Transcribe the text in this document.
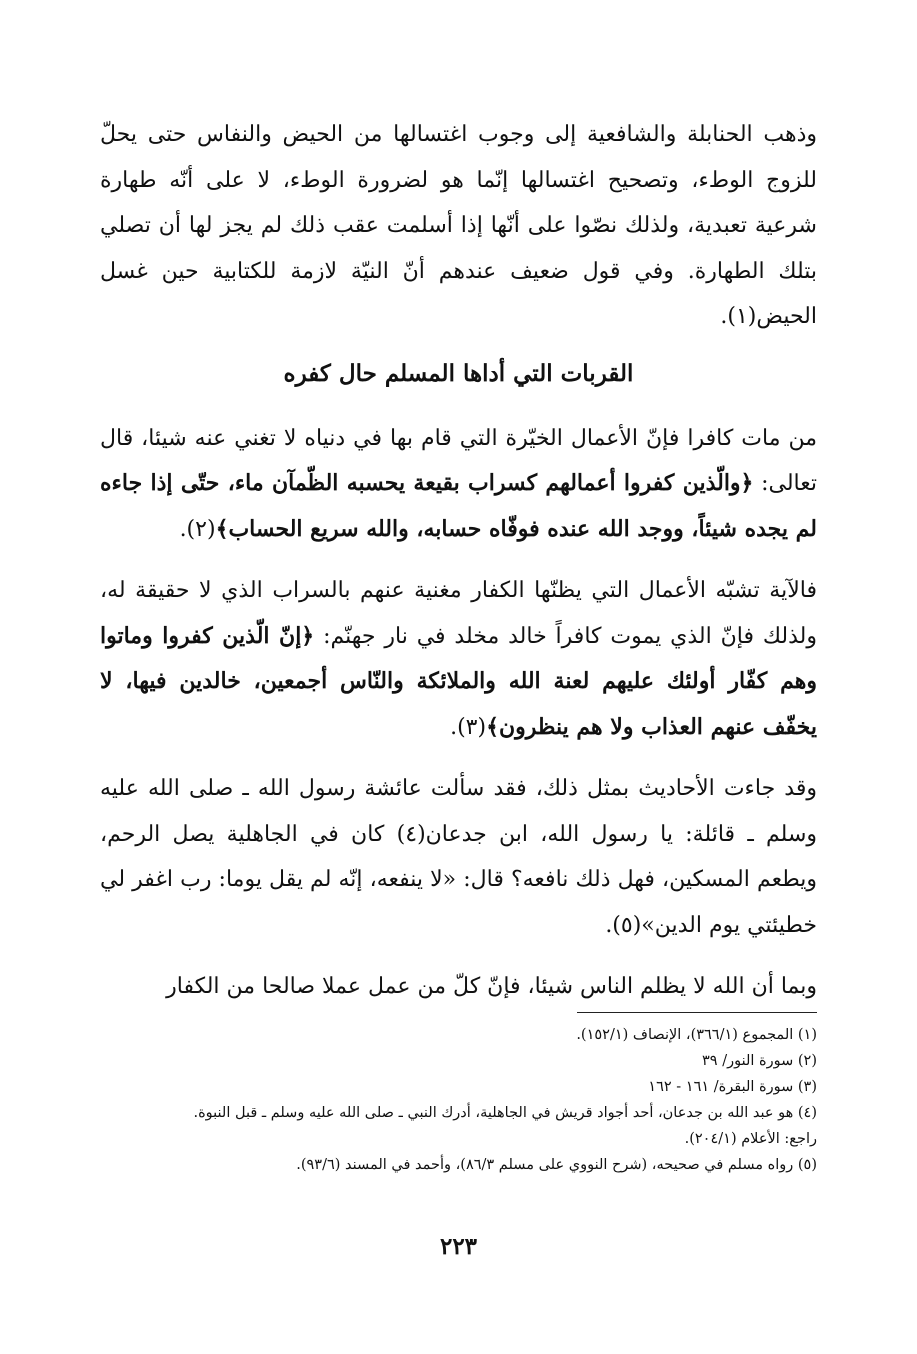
وذهب الحنابلة والشافعية إلى وجوب اغتسالها من الحيض والنفاس حتى يحلّ للزوج الوطء، وتصحيح اغتسالها إنّما هو لضرورة الوطء، لا على أنّه طهارة شرعية تعبدية، ولذلك نصّوا على أنّها إذا أسلمت عقب ذلك لم يجز لها أن تصلي بتلك الطهارة. وفي قول ضعيف عندهم أنّ النيّة لازمة للكتابية حين غسل الحيض(١).

القربات التي أداها المسلم حال كفره

من مات كافرا فإنّ الأعمال الخيّرة التي قام بها في دنياه لا تغني عنه شيئا، قال تعالى: ﴿والّذين كفروا أعمالهم كسراب بقيعة يحسبه الظّمآن ماء، حتّى إذا جاءه لم يجده شيئاً، ووجد الله عنده فوفّاه حسابه، والله سريع الحساب﴾(٢).

فالآية تشبّه الأعمال التي يظنّها الكفار مغنية عنهم بالسراب الذي لا حقيقة له، ولذلك فإنّ الذي يموت كافراً خالد مخلد في نار جهنّم: ﴿إنّ الّذين كفروا وماتوا وهم كفّار أولئك عليهم لعنة الله والملائكة والنّاس أجمعين، خالدين فيها، لا يخفّف عنهم العذاب ولا هم ينظرون﴾(٣).

وقد جاءت الأحاديث بمثل ذلك، فقد سألت عائشة رسول الله ـ صلى الله عليه وسلم ـ قائلة: يا رسول الله، ابن جدعان(٤) كان في الجاهلية يصل الرحم، ويطعم المسكين، فهل ذلك نافعه؟ قال: «لا ينفعه، إنّه لم يقل يوما: رب اغفر لي خطيئتي يوم الدين»(٥).

وبما أن الله لا يظلم الناس شيئا، فإنّ كلّ من عمل عملا صالحا من الكفار

(١) المجموع (٣٦٦/١)، الإنصاف (١٥٢/١).
(٢) سورة النور/ ٣٩
(٣) سورة البقرة/ ١٦١ - ١٦٢
(٤) هو عبد الله بن جدعان، أحد أجواد قريش في الجاهلية، أدرك النبي ـ صلى الله عليه وسلم ـ قبل النبوة.
راجع: الأعلام (٢٠٤/١).
(٥) رواه مسلم في صحيحه، (شرح النووي على مسلم ٨٦/٣)، وأحمد في المسند (٩٣/٦).
٢٢٣
